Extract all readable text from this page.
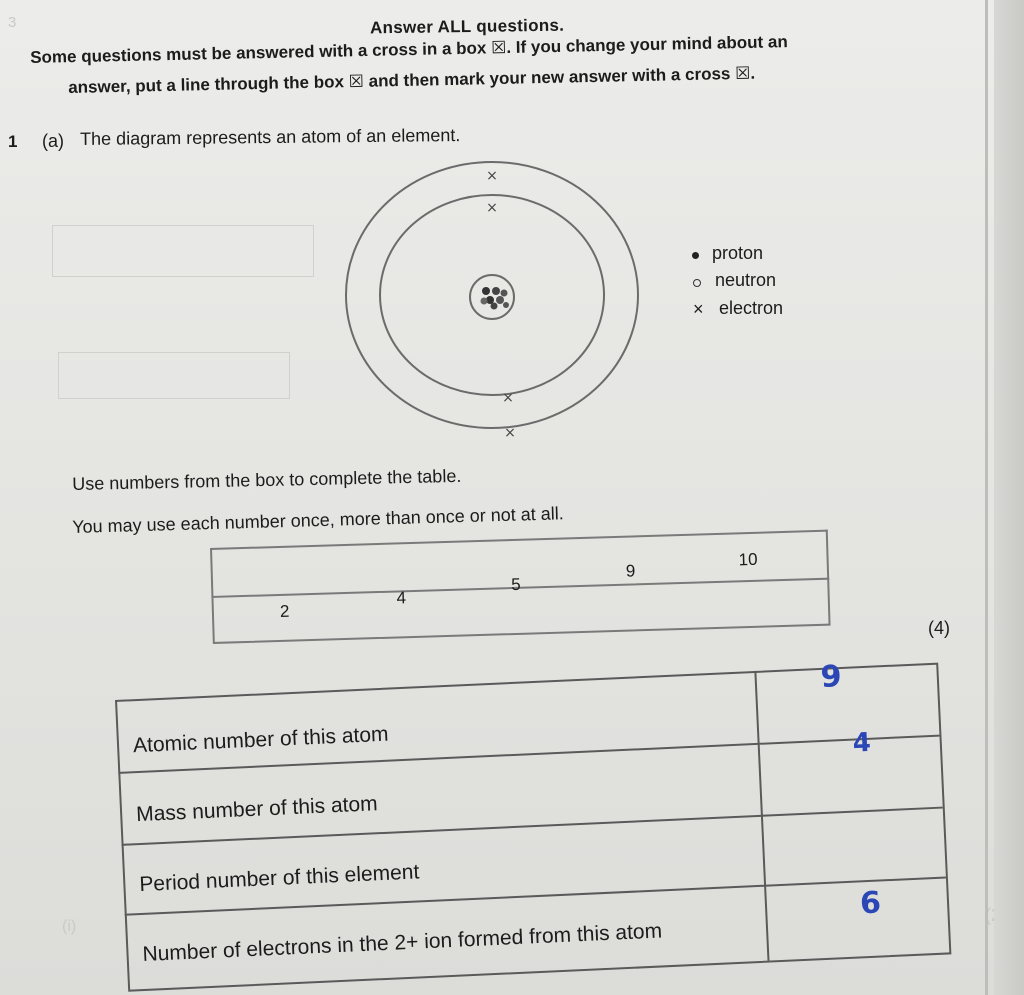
3	Answer ALL questions.
Some questions must be answered with a cross in a box ☒. If you change your mind about an
answer, put a line through the box ☒ and then mark your new answer with a cross ☒.
1 (a) The diagram represents an atom of an element.
×
×
×
×
proton
neutron
× electron
Use numbers from the box to complete the table.
You may use each number once, more than once or not at all.
2
4
5
9
10
(4)
Atomic number of this atom
9
Mass number of this atom
4
Period number of this element
Number of electrons in the 2+ ion formed from this atom
6
(i)
